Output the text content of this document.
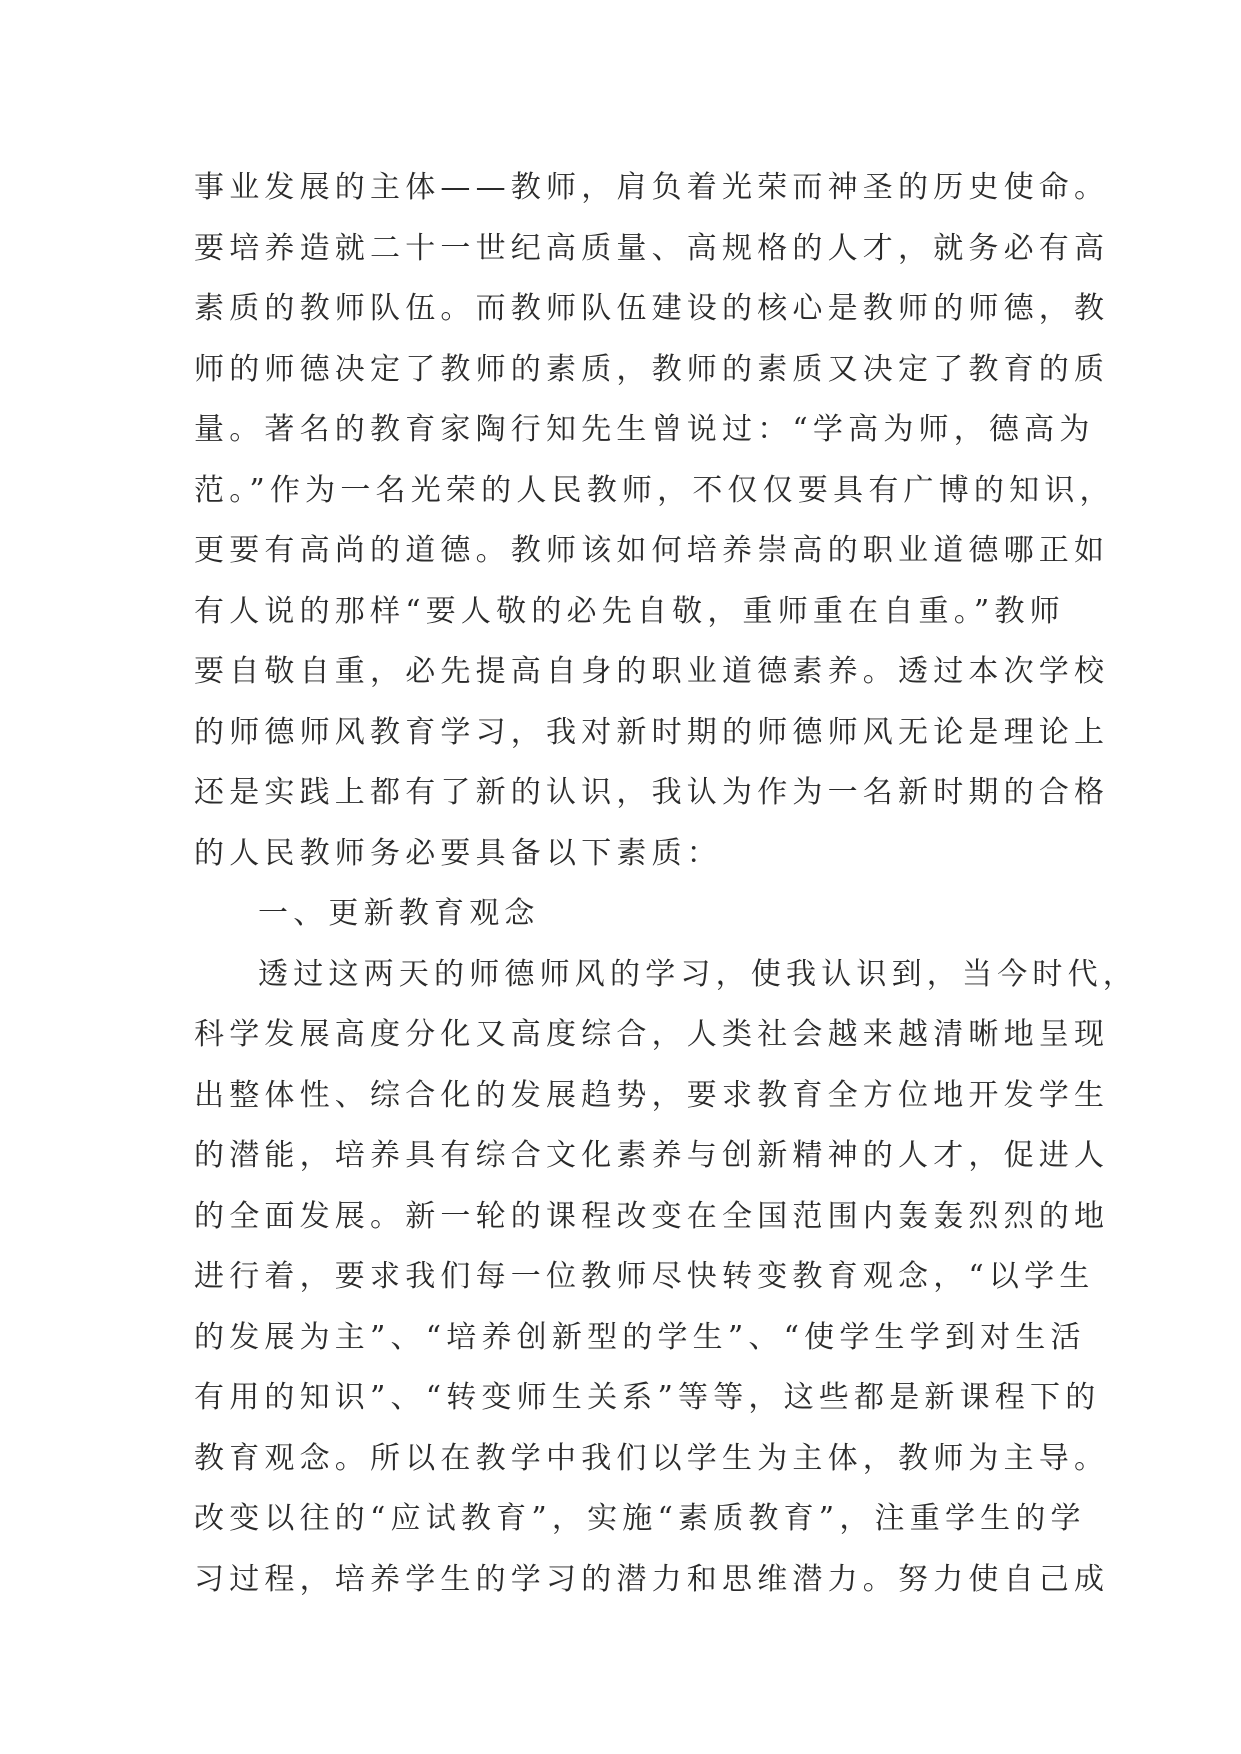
事业发展的主体——教师，肩负着光荣而神圣的历史使命。
要培养造就二十一世纪高质量、高规格的人才，就务必有高
素质的教师队伍。而教师队伍建设的核心是教师的师德，教
师的师德决定了教师的素质，教师的素质又决定了教育的质
量。著名的教育家陶行知先生曾说过：“学高为师，德高为
范。”作为一名光荣的人民教师，不仅仅要具有广博的知识，
更要有高尚的道德。教师该如何培养崇高的职业道德哪正如
有人说的那样“要人敬的必先自敬，重师重在自重。”教师
要自敬自重，必先提高自身的职业道德素养。透过本次学校
的师德师风教育学习，我对新时期的师德师风无论是理论上
还是实践上都有了新的认识，我认为作为一名新时期的合格
的人民教师务必要具备以下素质：
一、更新教育观念
透过这两天的师德师风的学习，使我认识到，当今时代，
科学发展高度分化又高度综合，人类社会越来越清晰地呈现
出整体性、综合化的发展趋势，要求教育全方位地开发学生
的潜能，培养具有综合文化素养与创新精神的人才，促进人
的全面发展。新一轮的课程改变在全国范围内轰轰烈烈的地
进行着，要求我们每一位教师尽快转变教育观念，“以学生
的发展为主”、“培养创新型的学生”、“使学生学到对生活
有用的知识”、“转变师生关系”等等，这些都是新课程下的
教育观念。所以在教学中我们以学生为主体，教师为主导。
改变以往的“应试教育”，实施“素质教育”，注重学生的学
习过程，培养学生的学习的潜力和思维潜力。努力使自己成
